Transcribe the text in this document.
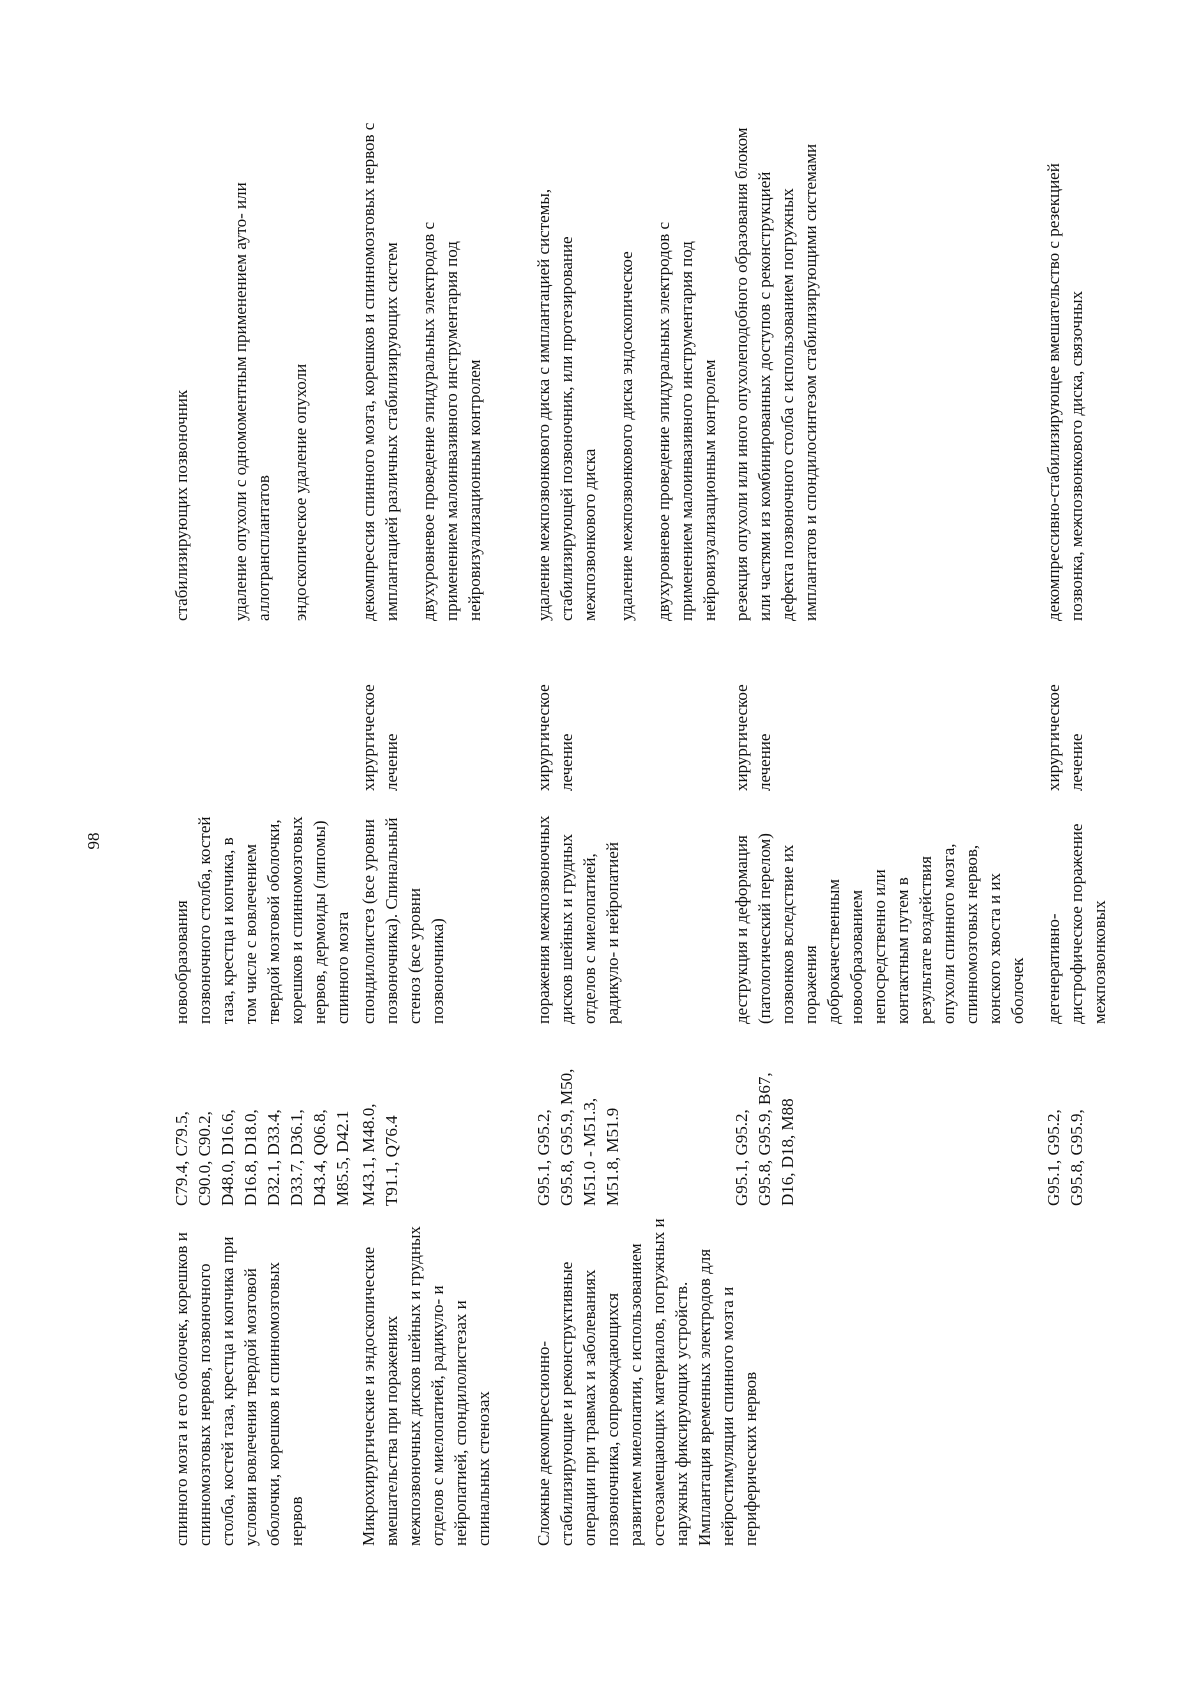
98
спинного мозга и его оболочек, корешков и спинномозговых нервов, позвоночного столба, костей таза, крестца и копчика при условии вовлечения твердой мозговой оболочки, корешков и спинномозговых нервов
C79.4, C79.5, C90.0, C90.2, D48.0, D16.6, D16.8, D18.0, D32.1, D33.4, D33.7, D36.1, D43.4, Q06.8, M85.5, D42.1
новообразования позвоночного столба, костей таза, крестца и копчика, в том числе с вовлечением твердой мозговой оболочки, корешков и спинномозговых нервов, дермоиды (липомы) спинного мозга
стабилизирующих позвоночник удаление опухоли с одномоментным применением ауто- или аллотрансплантатов эндоскопическое удаление опухоли
Микрохирургические и эндоскопические вмешательства при поражениях межпозвоночных дисков шейных и грудных отделов с миелопатией, радикуло- и нейропатией, спондилолистезах и спинальных стенозах
M43.1, M48.0, T91.1, Q76.4
спондилолистез (все уровни позвоночника). Спинальный стеноз (все уровни позвоночника)
хирургическое лечение
декомпрессия спинного мозга, корешков и спинномозговых нервов с имплантацией различных стабилизирующих систем двухуровневое проведение эпидуральных электродов с применением малоинвазивного инструментария под нейровизуализационным контролем
Сложные декомпрессионно-стабилизирующие и реконструктивные операции при травмах и заболеваниях позвоночника, сопровождающихся развитием миелопатии, с использованием остеозамещающих материалов, погружных и наружных фиксирующих устройств. Имплантация временных электродов для нейростимуляции спинного мозга и периферических нервов
G95.1, G95.2, G95.8, G95.9, M50, M51.0 - M51.3, M51.8, M51.9
поражения межпозвоночных дисков шейных и грудных отделов с миелопатией, радикуло- и нейропатией
хирургическое лечение
удаление межпозвонкового диска с имплантацией системы, стабилизирующей позвоночник, или протезирование межпозвонкового диска удаление межпозвонкового диска эндоскопическое двухуровневое проведение эпидуральных электродов с применением малоинвазивного инструментария под нейровизуализационным контролем
G95.1, G95.2, G95.8, G95.9, B67, D16, D18, M88
деструкция и деформация (патологический перелом) позвонков вследствие их поражения доброкачественным новообразованием непосредственно или контактным путем в результате воздействия опухоли спинного мозга, спинномозговых нервов, конского хвоста и их оболочек
хирургическое лечение
резекция опухоли или иного опухолеподобного образования блоком или частями из комбинированных доступов с реконструкцией дефекта позвоночного столба с использованием погружных имплантатов и спондилосинтезом стабилизирующими системами
G95.1, G95.2, G95.8, G95.9,
дегенеративно-дистрофическое поражение межпозвонковых
хирургическое лечение
декомпрессивно-стабилизирующее вмешательство с резекцией позвонка, межпозвонкового диска, связочных
